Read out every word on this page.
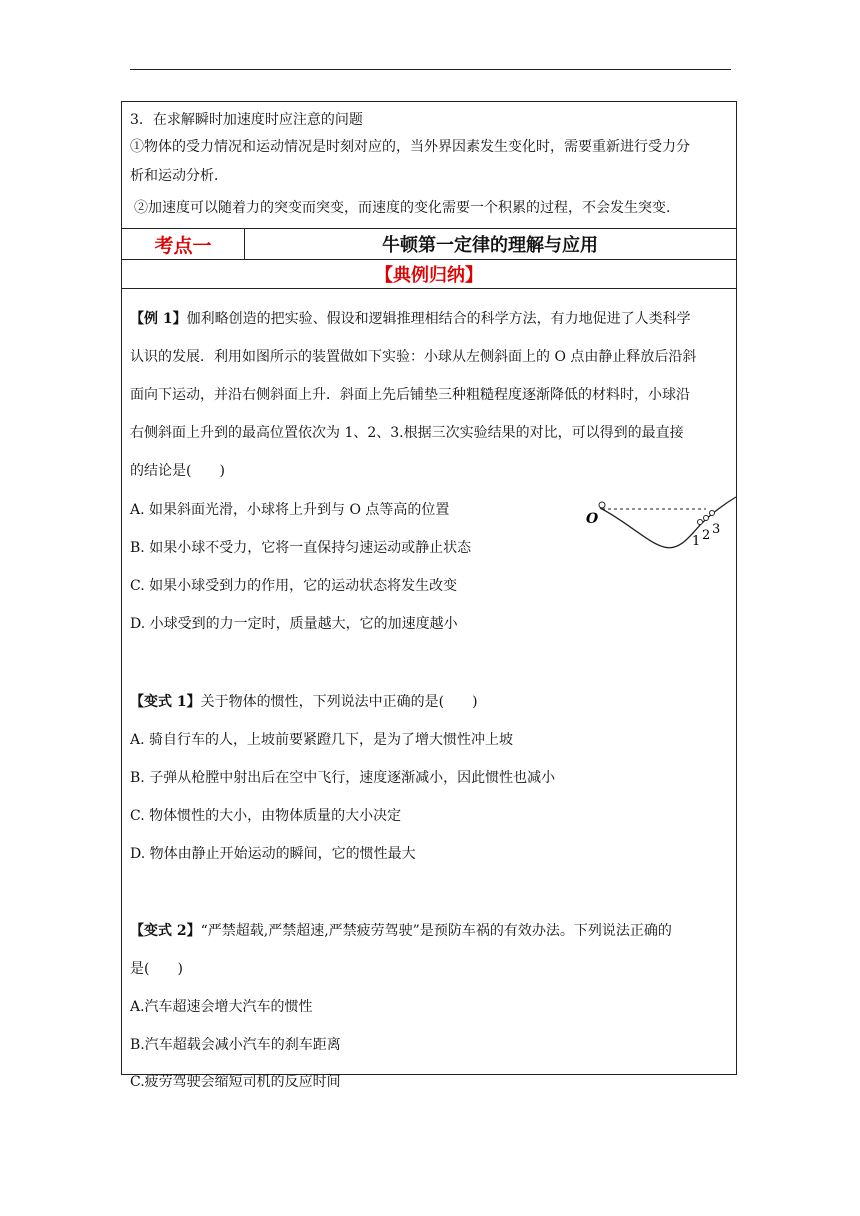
3．在求解瞬时加速度时应注意的问题
①物体的受力情况和运动情况是时刻对应的，当外界因素发生变化时，需要重新进行受力分
析和运动分析．
②加速度可以随着力的突变而突变，而速度的变化需要一个积累的过程，不会发生突变．
考点一	牛顿第一定律的理解与应用
【典例归纳】
【例 1】伽利略创造的把实验、假设和逻辑推理相结合的科学方法，有力地促进了人类科学
认识的发展．利用如图所示的装置做如下实验：小球从左侧斜面上的 O 点由静止释放后沿斜
面向下运动，并沿右侧斜面上升．斜面上先后铺垫三种粗糙程度逐渐降低的材料时，小球沿
右侧斜面上升到的最高位置依次为 1、2、3.根据三次实验结果的对比，可以得到的最直接
的结论是(　　)
A. 如果斜面光滑，小球将上升到与 O 点等高的位置
B. 如果小球不受力，它将一直保持匀速运动或静止状态
C. 如果小球受到力的作用，它的运动状态将发生改变
D. 小球受到的力一定时，质量越大，它的加速度越小
O
1 2 3
【变式 1】关于物体的惯性，下列说法中正确的是(　　)
A. 骑自行车的人，上坡前要紧蹬几下，是为了增大惯性冲上坡
B. 子弹从枪膛中射出后在空中飞行，速度逐渐减小，因此惯性也减小
C. 物体惯性的大小，由物体质量的大小决定
D. 物体由静止开始运动的瞬间，它的惯性最大
【变式 2】“严禁超载,严禁超速,严禁疲劳驾驶”是预防车祸的有效办法。下列说法正确的
是(　　)
A.汽车超速会增大汽车的惯性
B.汽车超载会减小汽车的刹车距离
C.疲劳驾驶会缩短司机的反应时间
